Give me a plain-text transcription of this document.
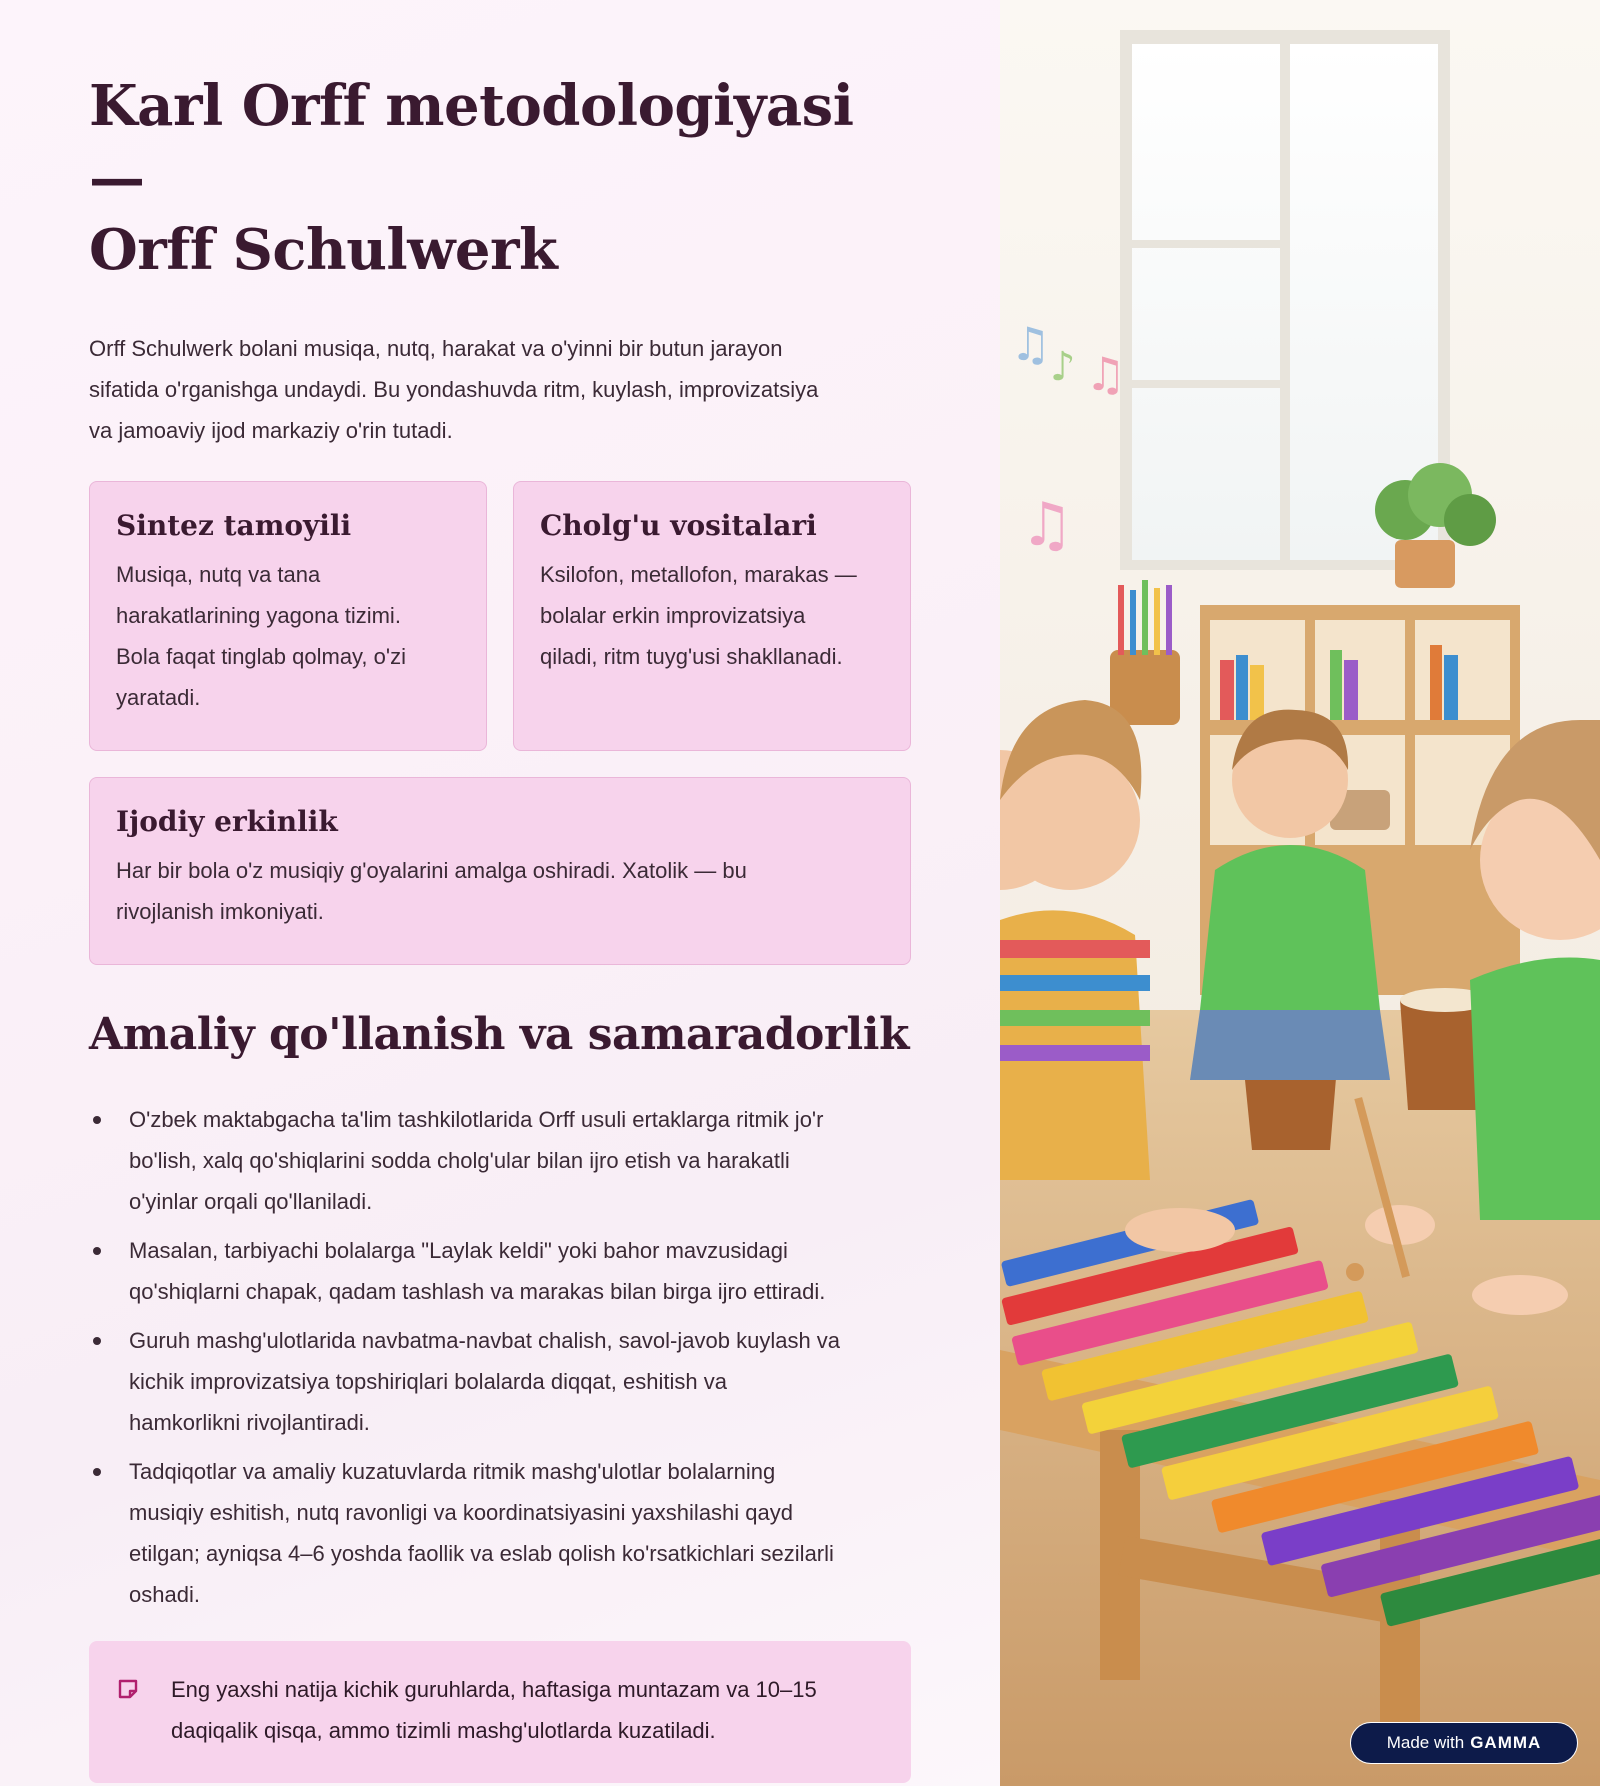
Karl Orff metodologiyasi —
Orff Schulwerk
Orff Schulwerk bolani musiqa, nutq, harakat va o'yinni bir butun jarayon
sifatida o'rganishga undaydi. Bu yondashuvda ritm, kuylash, improvizatsiya
va jamoaviy ijod markaziy o'rin tutadi.
Sintez tamoyili
Musiqa, nutq va tana
harakatlarining yagona tizimi.
Bola faqat tinglab qolmay, o'zi
yaratadi.
Cholg'u vositalari
Ksilofon, metallofon, marakas —
bolalar erkin improvizatsiya
qiladi, ritm tuyg'usi shakllanadi.
Ijodiy erkinlik
Har bir bola o'z musiqiy g'oyalarini amalga oshiradi. Xatolik — bu
rivojlanish imkoniyati.
Amaliy qo'llanish va samaradorlik
O'zbek maktabgacha ta'lim tashkilotlarida Orff usuli ertaklarga ritmik jo'r
bo'lish, xalq qo'shiqlarini sodda cholg'ular bilan ijro etish va harakatli
o'yinlar orqali qo'llaniladi.
Masalan, tarbiyachi bolalarga "Laylak keldi" yoki bahor mavzusidagi
qo'shiqlarni chapak, qadam tashlash va marakas bilan birga ijro ettiradi.
Guruh mashg'ulotlarida navbatma-navbat chalish, savol-javob kuylash va
kichik improvizatsiya topshiriqlari bolalarda diqqat, eshitish va
hamkorlikni rivojlantiradi.
Tadqiqotlar va amaliy kuzatuvlarda ritmik mashg'ulotlar bolalarning
musiqiy eshitish, nutq ravonligi va koordinatsiyasini yaxshilashi qayd
etilgan; ayniqsa 4–6 yoshda faollik va eslab qolish ko'rsatkichlari sezilarli
oshadi.
Eng yaxshi natija kichik guruhlarda, haftasiga muntazam va 10–15
daqiqalik qisqa, ammo tizimli mashg'ulotlarda kuzatiladi.
♫
♪ ♫
♫
Made with GAMMA
